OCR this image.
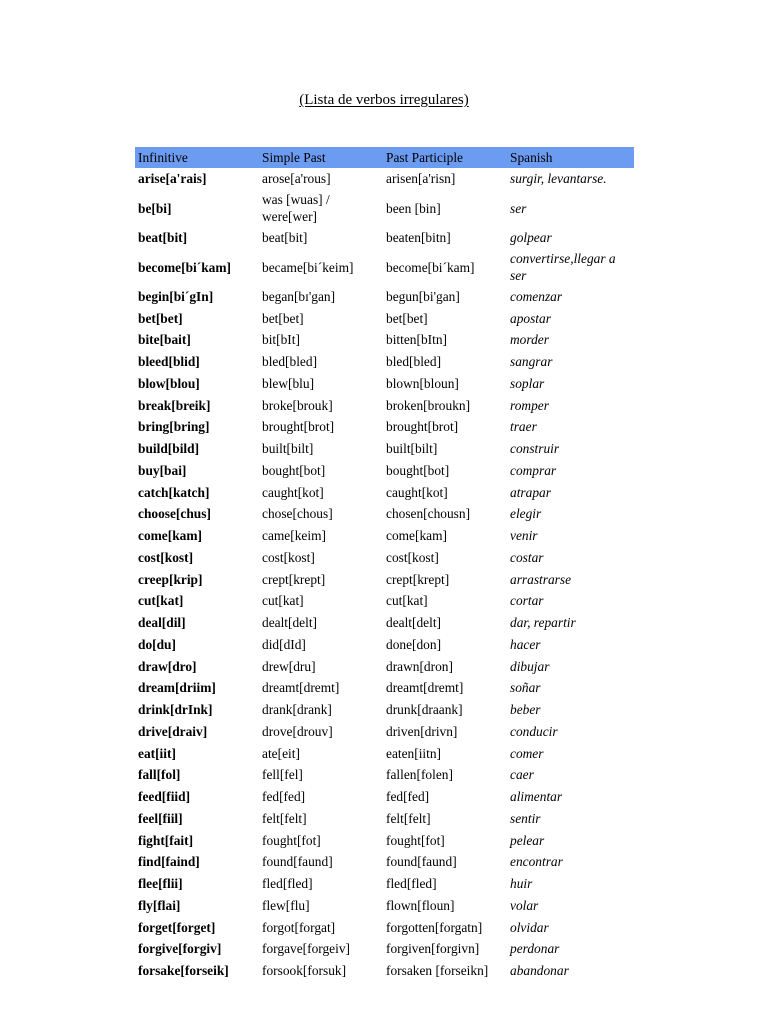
(Lista de verbos irregulares)
Infinitive	Simple Past	Past Participle	Spanish
arise[a'rais]	arose[a'rous]	arisen[a'risn]	surgir, levantarse.
be[bi]	was [wuas] / were[wer]	been [bin]	ser
beat[bit]	beat[bit]	beaten[bitn]	golpear
become[bi´kam]	became[bi´keim]	become[bi´kam]	convertirse,llegar a ser
begin[bi´gIn]	began[bɪ'gan]	begun[bi'gan]	comenzar
bet[bet]	bet[bet]	bet[bet]	apostar
bite[bait]	bit[bIt]	bitten[bItn]	morder
bleed[blid]	bled[bled]	bled[bled]	sangrar
blow[blou]	blew[blu]	blown[bloun]	soplar
break[breik]	broke[brouk]	broken[broukn]	romper
bring[bring]	brought[brot]	brought[brot]	traer
build[bild]	built[bilt]	built[bilt]	construir
buy[bai]	bought[bot]	bought[bot]	comprar
catch[katch]	caught[kot]	caught[kot]	atrapar
choose[chus]	chose[chous]	chosen[chousn]	elegir
come[kam]	came[keim]	come[kam]	venir
cost[kost]	cost[kost]	cost[kost]	costar
creep[krip]	crept[krept]	crept[krept]	arrastrarse
cut[kat]	cut[kat]	cut[kat]	cortar
deal[dil]	dealt[delt]	dealt[delt]	dar, repartir
do[du]	did[dId]	done[don]	hacer
draw[dro]	drew[dru]	drawn[dron]	dibujar
dream[driim]	dreamt[dremt]	dreamt[dremt]	soñar
drink[drInk]	drank[drank]	drunk[draank]	beber
drive[draiv]	drove[drouv]	driven[drivn]	conducir
eat[iit]	ate[eit]	eaten[iitn]	comer
fall[fol]	fell[fel]	fallen[folen]	caer
feed[fiid]	fed[fed]	fed[fed]	alimentar
feel[fiil]	felt[felt]	felt[felt]	sentir
fight[fait]	fought[fot]	fought[fot]	pelear
find[faind]	found[faund]	found[faund]	encontrar
flee[flii]	fled[fled]	fled[fled]	huir
fly[flai]	flew[flu]	flown[floun]	volar
forget[forget]	forgot[forgat]	forgotten[forgatn]	olvidar
forgive[forgiv]	forgave[forgeiv]	forgiven[forgivn]	perdonar
forsake[forseik]	forsook[forsuk]	forsaken [forseikn]	abandonar
